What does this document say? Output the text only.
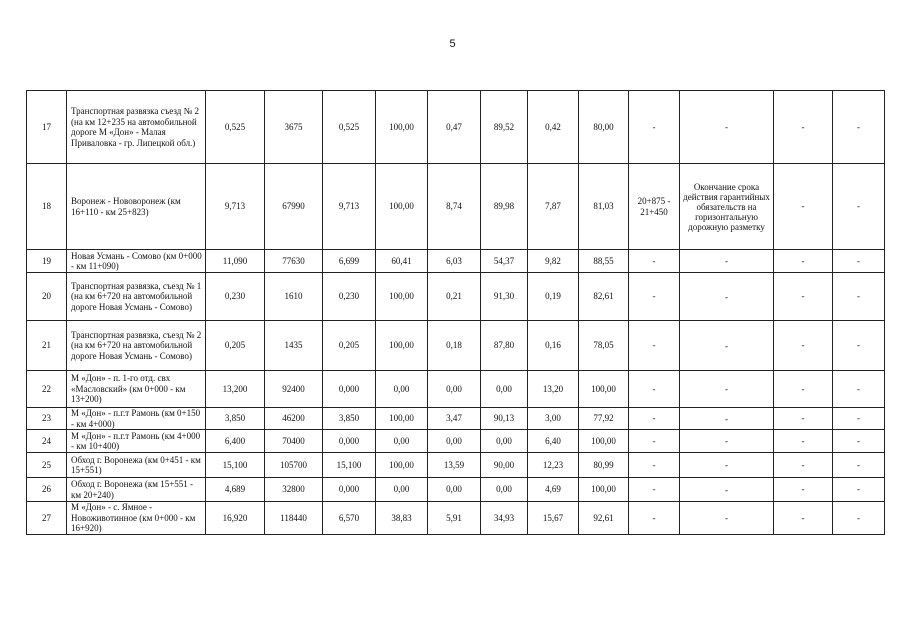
5
17	Транспортная развязка съезд № 2 (на км 12+235 на автомобильной дороге М «Дон» - Малая Приваловка - гр. Липецкой обл.)	0,525	3675	0,525	100,00	0,47	89,52	0,42	80,00	-	-	-	-
18	Воронеж - Нововоронеж (км 16+110 - км 25+823)	9,713	67990	9,713	100,00	8,74	89,98	7,87	81,03	20+875 - 21+450	Окончание срока действия гарантийных обязательств на горизонтальную дорожную разметку	-	-
19	Новая Усмань - Сомово (км 0+000 - км 11+090)	11,090	77630	6,699	60,41	6,03	54,37	9,82	88,55	-	-	-	-
20	Транспортная развязка, съезд № 1 (на км 6+720 на автомобильной дороге Новая Усмань - Сомово)	0,230	1610	0,230	100,00	0,21	91,30	0,19	82,61	-	-	-	-
21	Транспортная развязка, съезд № 2 (на км 6+720 на автомобильной дороге Новая Усмань - Сомово)	0,205	1435	0,205	100,00	0,18	87,80	0,16	78,05	-	-	-	-
22	М «Дон» - п. 1-го отд. свх «Масловский» (км 0+000 - км 13+200)	13,200	92400	0,000	0,00	0,00	0,00	13,20	100,00	-	-	-	-
23	М «Дон» - п.г.т Рамонь (км 0+150 - км 4+000)	3,850	46200	3,850	100,00	3,47	90,13	3,00	77,92	-	-	-	-
24	М «Дон» - п.г.т Рамонь (км 4+000 - км 10+400)	6,400	70400	0,000	0,00	0,00	0,00	6,40	100,00	-	-	-	-
25	Обход г. Воронежа (км 0+451 - км 15+551)	15,100	105700	15,100	100,00	13,59	90,00	12,23	80,99	-	-	-	-
26	Обход г. Воронежа (км 15+551 - км 20+240)	4,689	32800	0,000	0,00	0,00	0,00	4,69	100,00	-	-	-	-
27	М «Дон» - с. Ямное - Новоживотинное (км 0+000 - км 16+920)	16,920	118440	6,570	38,83	5,91	34,93	15,67	92,61	-	-	-	-
